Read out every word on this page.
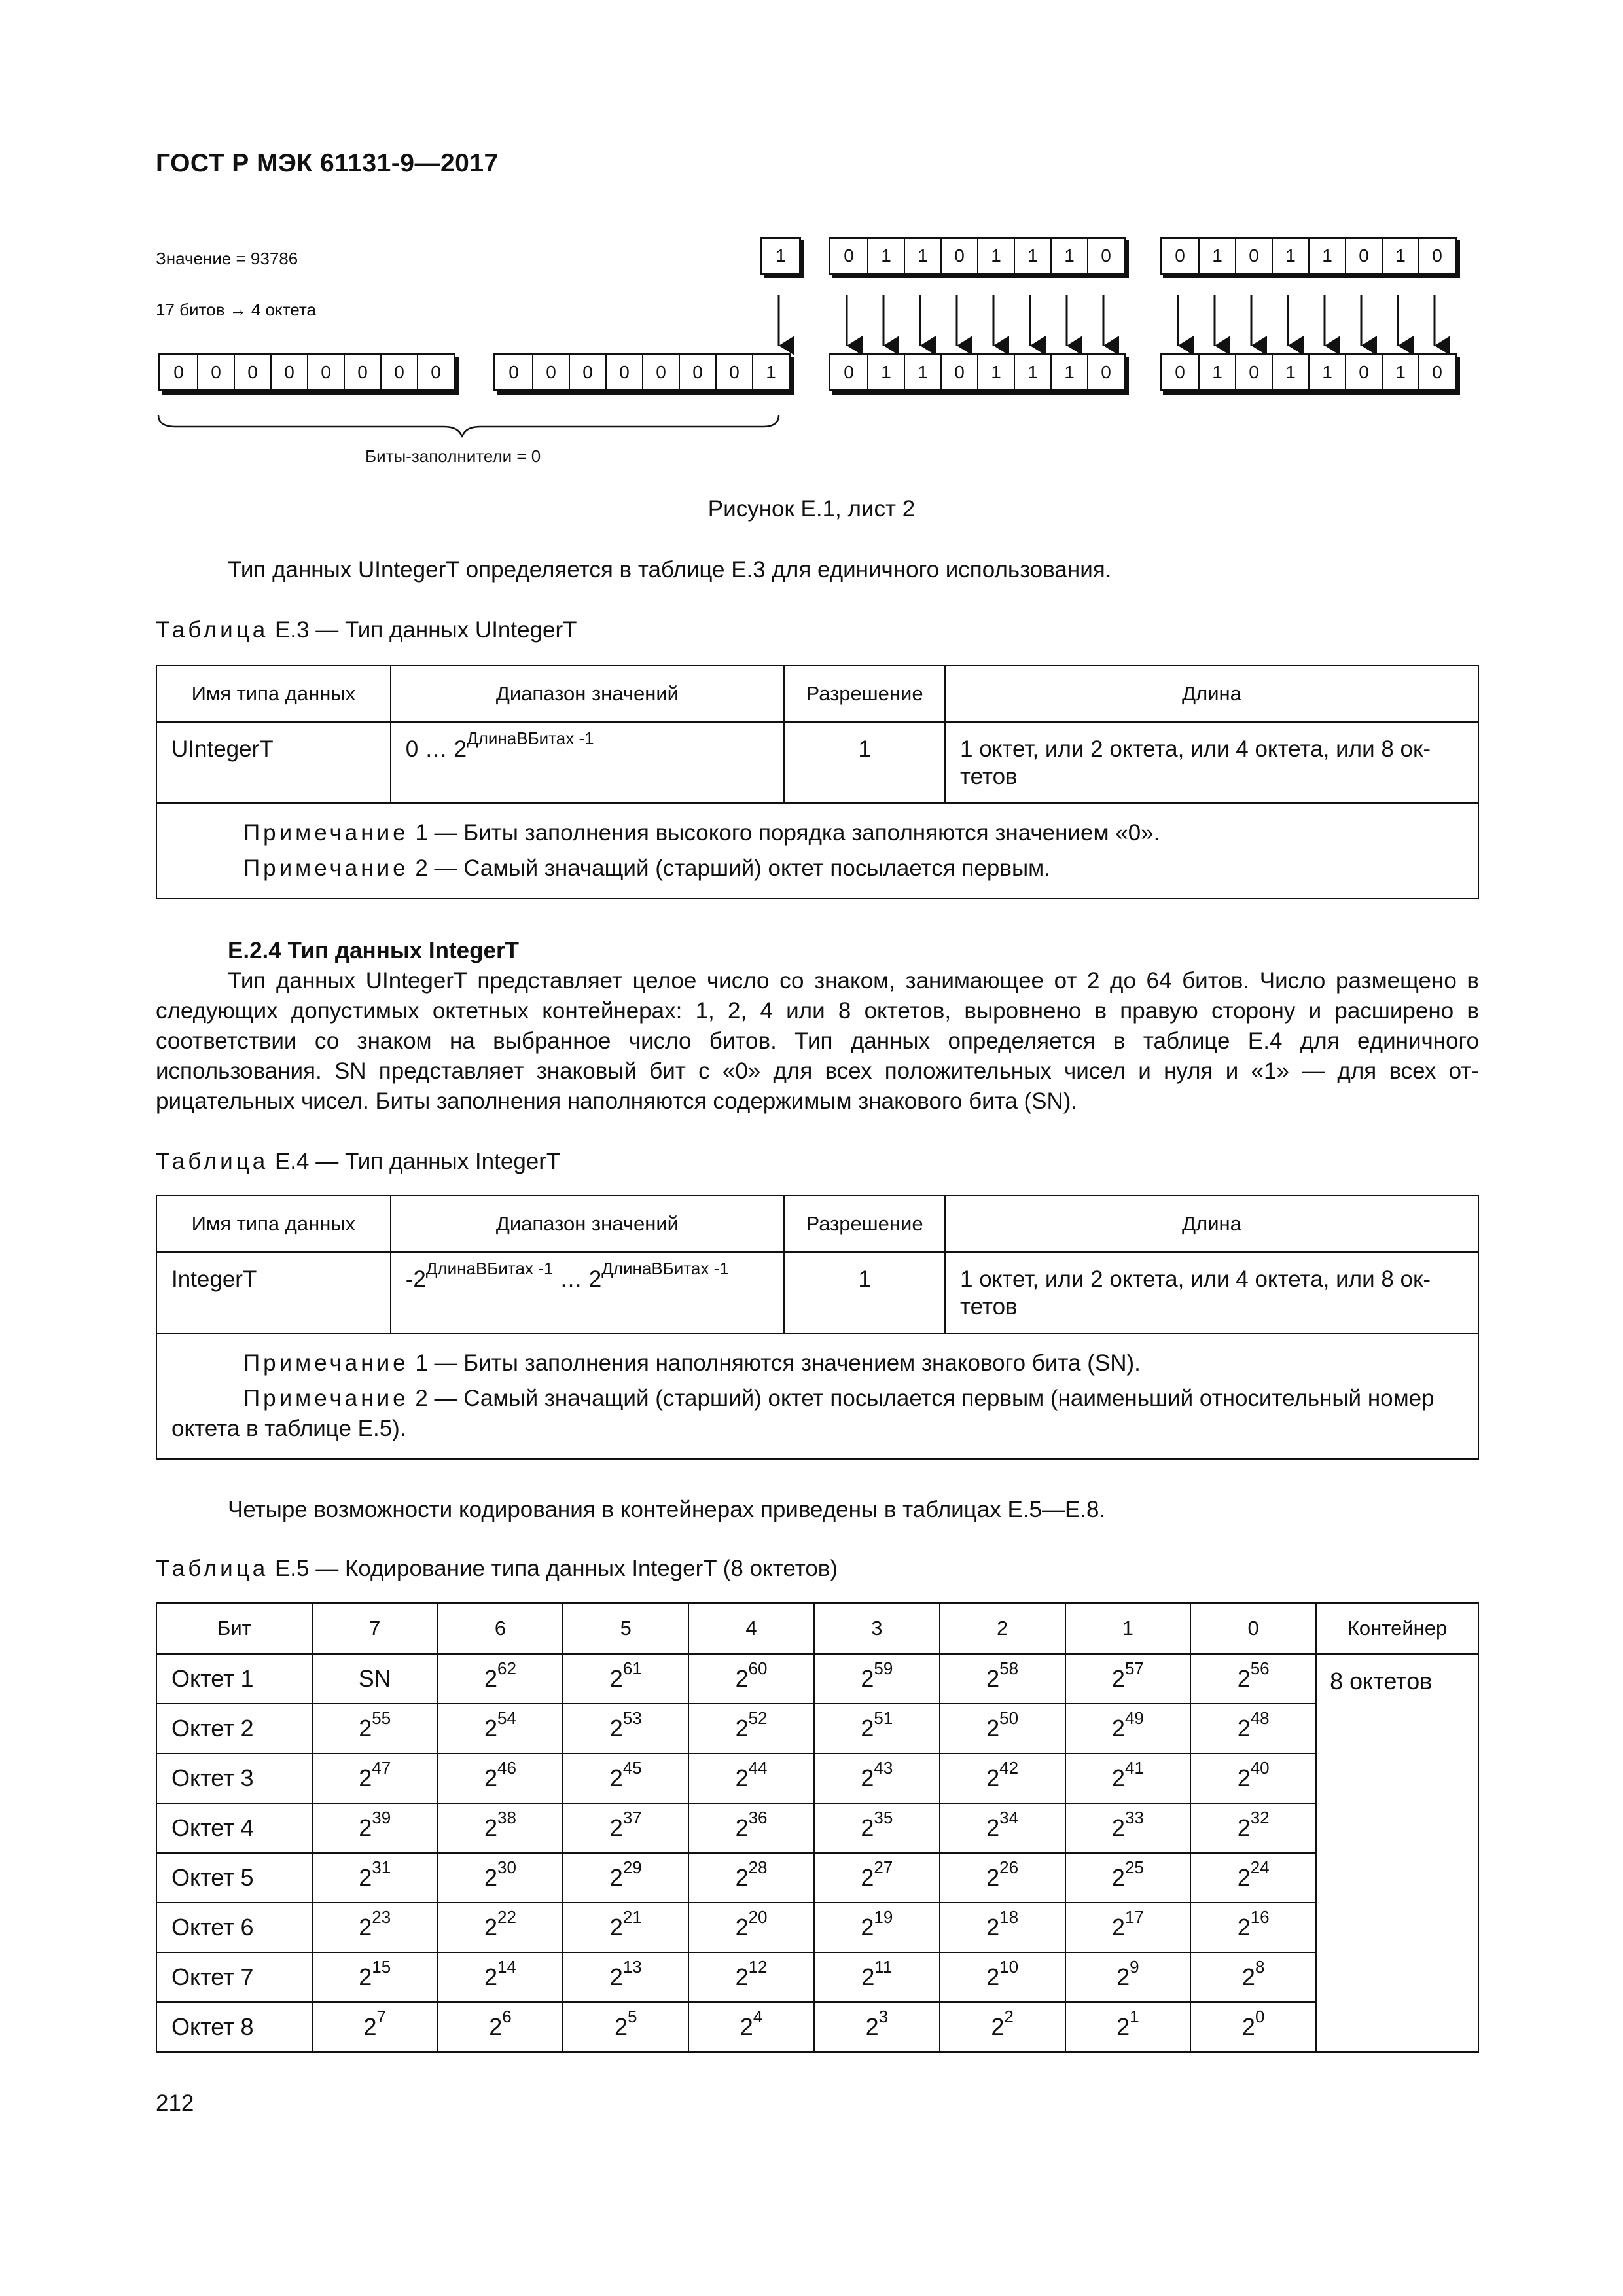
ГОСТ Р МЭК 61131-9—2017
Значение = 93786
17 битов → 4 октета
1	0	1	1	0	1	1	1	0	0	1	0	1	1	0	1	0
0	0	0	0	0	0	0	0	0	0	0	0	0	0	0	1	0	1	1	0	1	1	1	0	0	1	0	1	1	0	1	0
Биты-заполнители = 0
Рисунок Е.1, лист 2
Тип данных UIntegerT определяется в таблице Е.3 для единичного использования.
Таблица Е.3 — Тип данных UIntegerT
Имя типа данных	Диапазон значений	Разрешение	Длина
UIntegerT	0 … $2^{ДлинаВБитах -1}$	1	1 октет, или 2 октета, или 4 октета, или 8 ок-тетов

Примечание 1 — Биты заполнения высокого порядка заполняются значением «0».

Примечание 2 — Самый значащий (старший) октет посылается первым.			

Е.2.4 Тип данных IntegerT
Тип данных UIntegerT представляет целое число со знаком, занимающее от 2 до 64 битов. Число размещено в следующих допустимых октетных контейнерах: 1, 2, 4 или 8 октетов, выровнено в правую сторону и расширено в соответствии со знаком на выбранное число битов. Тип данных определяется в таблице Е.4 для единичного использования. SN представляет знаковый бит с «0» для всех положительных чисел и нуля и «1» — для всех от-рицательных чисел. Биты заполнения наполняются содержимым знакового бита (SN).
Таблица Е.4 — Тип данных IntegerT
Имя типа данных	Диапазон значений	Разрешение	Длина
IntegerT	$-2^{ДлинаВБитах -1}$ … $2^{ДлинаВБитах -1}$	1	1 октет, или 2 октета, или 4 октета, или 8 ок-тетов

Примечание 1 — Биты заполнения наполняются значением знакового бита (SN).

Примечание 2 — Самый значащий (старший) октет посылается первым (наименьший относительный номер октета в таблице Е.5).			

Четыре возможности кодирования в контейнерах приведены в таблицах Е.5—Е.8.
Таблица Е.5 — Кодирование типа данных IntegerT (8 октетов)
Бит	7	6	5	4	3	2	1	0	Контейнер
Октет 1	SN	$2^{62}$	$2^{61}$	$2^{60}$	$2^{59}$	$2^{58}$	$2^{57}$	$2^{56}$	8 октетов
Октет 2	$2^{55}$	$2^{54}$	$2^{53}$	$2^{52}$	$2^{51}$	$2^{50}$	$2^{49}$	$2^{48}$
Октет 3	$2^{47}$	$2^{46}$	$2^{45}$	$2^{44}$	$2^{43}$	$2^{42}$	$2^{41}$	$2^{40}$
Октет 4	$2^{39}$	$2^{38}$	$2^{37}$	$2^{36}$	$2^{35}$	$2^{34}$	$2^{33}$	$2^{32}$
Октет 5	$2^{31}$	$2^{30}$	$2^{29}$	$2^{28}$	$2^{27}$	$2^{26}$	$2^{25}$	$2^{24}$
Октет 6	$2^{23}$	$2^{22}$	$2^{21}$	$2^{20}$	$2^{19}$	$2^{18}$	$2^{17}$	$2^{16}$
Октет 7	$2^{15}$	$2^{14}$	$2^{13}$	$2^{12}$	$2^{11}$	$2^{10}$	$2^9$	$2^8$
Октет 8	$2^7$	$2^6$	$2^5$	$2^4$	$2^3$	$2^2$	$2^1$	$2^0$
212
